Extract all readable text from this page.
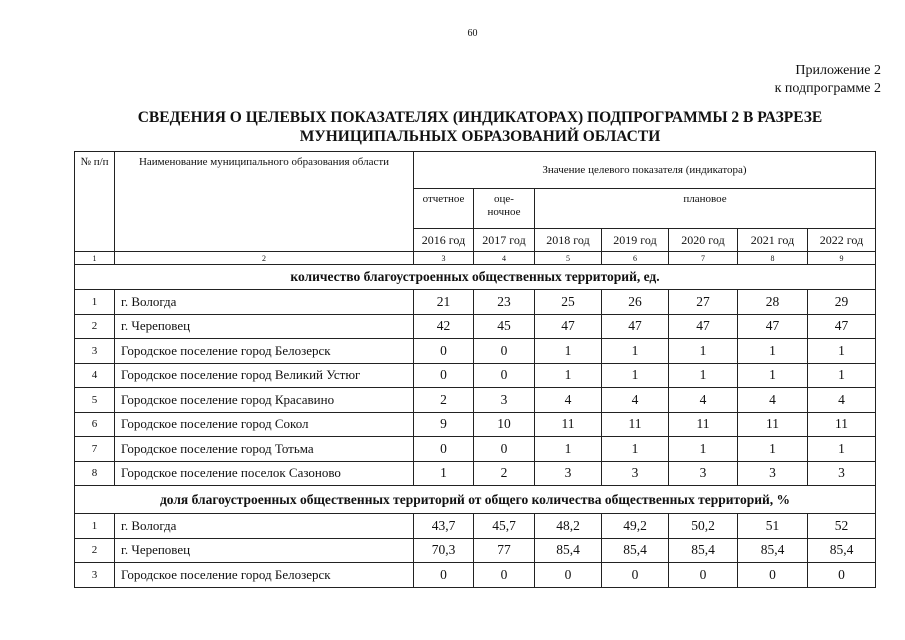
60
Приложение 2
к подпрограмме 2
СВЕДЕНИЯ О ЦЕЛЕВЫХ ПОКАЗАТЕЛЯХ (ИНДИКАТОРАХ) ПОДПРОГРАММЫ 2 В РАЗРЕЗЕ
МУНИЦИПАЛЬНЫХ ОБРАЗОВАНИЙ ОБЛАСТИ
№ п/п	Наименование муниципального образования области
Значение целевого показателя (индикатора)
отчетное	оце-
ночное
плановое
2016 год	2017 год	2018 год	2019 год	2020 год	2021 год	2022 год
1	2	3	4	5	6	7	8	9
количество благоустроенных общественных территорий, ед.
1	г. Вологда	21	23	25	26	27	28	29
2	г. Череповец	42	45	47	47	47	47	47
3	Городское поселение город Белозерск	0	0	1	1	1	1	1
4	Городское поселение город Великий Устюг	0	0	1	1	1	1	1
5	Городское поселение город Красавино	2	3	4	4	4	4	4
6	Городское поселение город Сокол	9	10	11	11	11	11	11
7	Городское поселение город Тотьма	0	0	1	1	1	1	1
8	Городское поселение поселок Сазоново	1	2	3	3	3	3	3
доля благоустроенных общественных территорий от общего количества общественных территорий, %
1	г. Вологда	43,7	45,7	48,2	49,2	50,2	51	52
2	г. Череповец	70,3	77	85,4	85,4	85,4	85,4	85,4
3	Городское поселение город Белозерск	0	0	0	0	0	0	0
